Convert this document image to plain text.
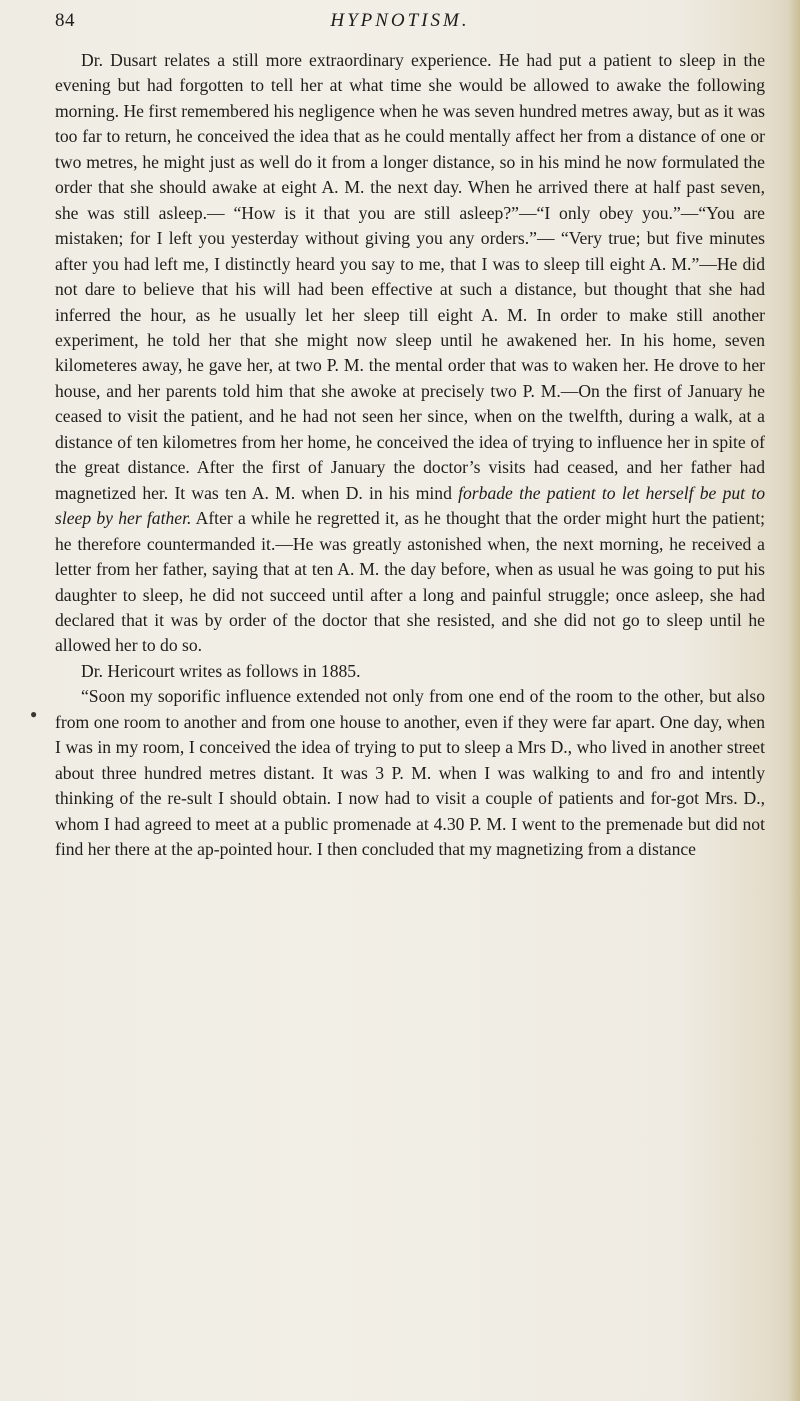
84	HYPNOTISM.
●

Dr. Dusart relates a still more extraordinary experience. He had put a patient to sleep in the evening but had forgotten to tell her at what time she would be allowed to awake the following morning. He first remembered his negligence when he was seven hundred metres away, but as it was too far to return, he conceived the idea that as he could mentally affect her from a distance of one or two metres, he might just as well do it from a longer distance, so in his mind he now formulated the order that she should awake at eight A. M. the next day. When he arrived there at half past seven, she was still asleep.— “How is it that you are still asleep?”—“I only obey you.”—“You are mistaken; for I left you yesterday without giving you any orders.”— “Very true; but five minutes after you had left me, I distinctly heard you say to me, that I was to sleep till eight A. M.”—He did not dare to believe that his will had been effective at such a distance, but thought that she had inferred the hour, as he usually let her sleep till eight A. M. In order to make still another experiment, he told her that she might now sleep until he awakened her. In his home, seven kilometeres away, he gave her, at two P. M. the mental order that was to waken her. He drove to her house, and her parents told him that she awoke at precisely two P. M.—On the first of January he ceased to visit the patient, and he had not seen her since, when on the twelfth, during a walk, at a distance of ten kilometres from her home, he conceived the idea of trying to influence her in spite of the great distance. After the first of January the doctor’s visits had ceased, and her father had magnetized her. It was ten A. M. when D. in his mind forbade the patient to let herself be put to sleep by her father. After a while he regretted it, as he thought that the order might hurt the patient; he therefore countermanded it.—He was greatly astonished when, the next morning, he received a letter from her father, saying that at ten A. M. the day before, when as usual he was going to put his daughter to sleep, he did not succeed until after a long and painful struggle; once asleep, she had declared that it was by order of the doctor that she resisted, and she did not go to sleep until he allowed her to do so.

Dr. Hericourt writes as follows in 1885.

“Soon my soporific influence extended not only from one end of the room to the other, but also from one room to another and from one house to another, even if they were far apart. One day, when I was in my room, I conceived the idea of trying to put to sleep a Mrs D., who lived in another street about three hundred metres distant. It was 3 P. M. when I was walking to and fro and intently thinking of the re-sult I should obtain. I now had to visit a couple of patients and for-got Mrs. D., whom I had agreed to meet at a public promenade at 4.30 P. M. I went to the premenade but did not find her there at the ap-pointed hour. I then concluded that my magnetizing from a distance
